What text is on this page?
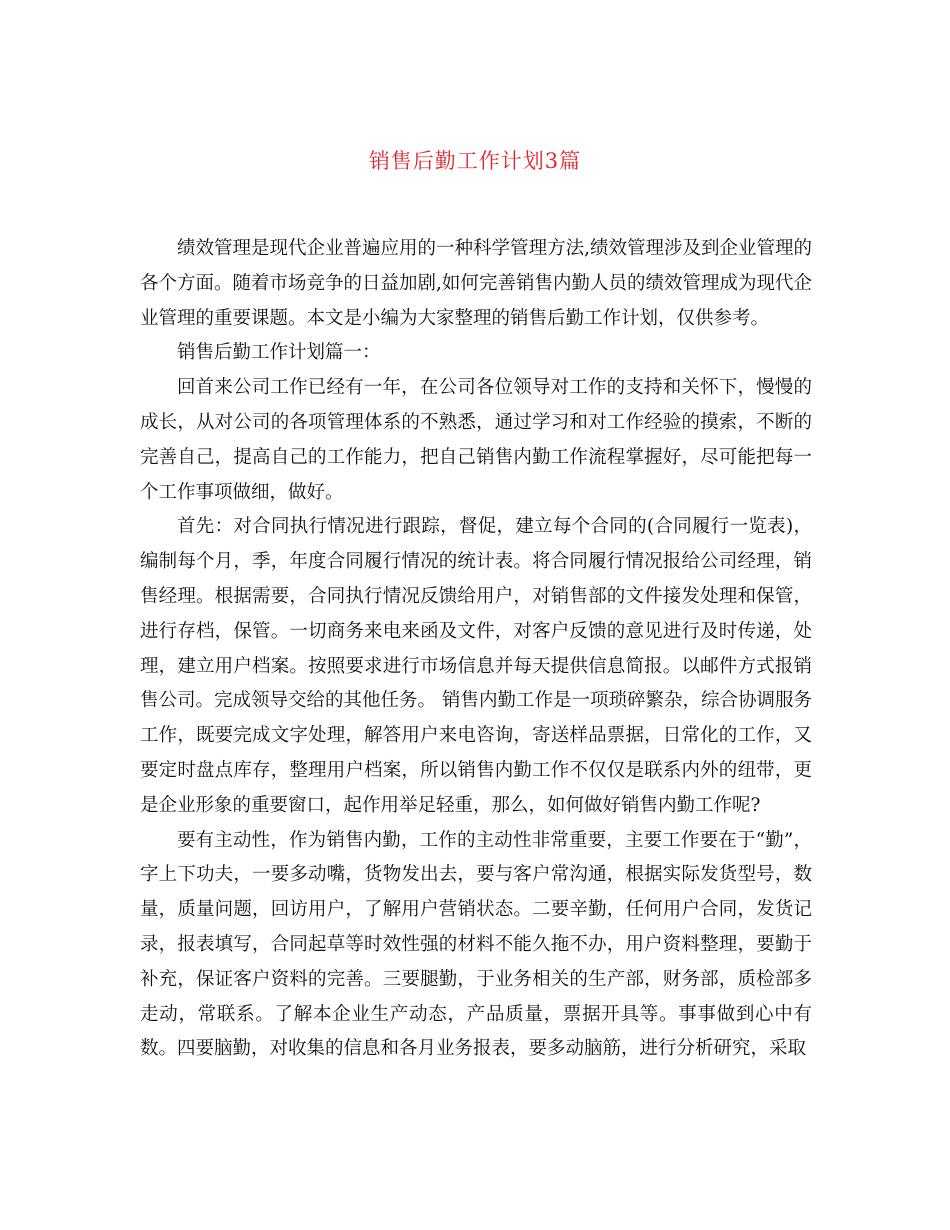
销售后勤工作计划3篇

绩效管理是现代企业普遍应用的一种科学管理方法,绩效管理涉及到企业管理的各个方面。随着市场竞争的日益加剧,如何完善销售内勤人员的绩效管理成为现代企业管理的重要课题。本文是小编为大家整理的销售后勤工作计划，仅供参考。

销售后勤工作计划篇一：

回首来公司工作已经有一年，在公司各位领导对工作的支持和关怀下，慢慢的成长，从对公司的各项管理体系的不熟悉，通过学习和对工作经验的摸索，不断的完善自己，提高自己的工作能力，把自己销售内勤工作流程掌握好，尽可能把每一个工作事项做细，做好。

首先：对合同执行情况进行跟踪，督促，建立每个合同的(合同履行一览表)，编制每个月，季，年度合同履行情况的统计表。将合同履行情况报给公司经理，销售经理。根据需要，合同执行情况反馈给用户，对销售部的文件接发处理和保管，进行存档，保管。一切商务来电来函及文件，对客户反馈的意见进行及时传递，处理，建立用户档案。按照要求进行市场信息并每天提供信息简报。以邮件方式报销售公司。完成领导交给的其他任务。 销售内勤工作是一项琐碎繁杂，综合协调服务工作，既要完成文字处理，解答用户来电咨询，寄送样品票据，日常化的工作，又要定时盘点库存，整理用户档案，所以销售内勤工作不仅仅是联系内外的纽带，更是企业形象的重要窗口，起作用举足轻重，那么，如何做好销售内勤工作呢?

要有主动性，作为销售内勤，工作的主动性非常重要，主要工作要在于“勤”，字上下功夫，一要多动嘴，货物发出去，要与客户常沟通，根据实际发货型号，数量，质量问题，回访用户，了解用户营销状态。二要辛勤，任何用户合同，发货记录，报表填写，合同起草等时效性强的材料不能久拖不办，用户资料整理，要勤于补充，保证客户资料的完善。三要腿勤，于业务相关的生产部，财务部，质检部多走动，常联系。了解本企业生产动态，产品质量，票据开具等。事事做到心中有数。四要脑勤，对收集的信息和各月业务报表，要多动脑筋，进行分析研究，采取
